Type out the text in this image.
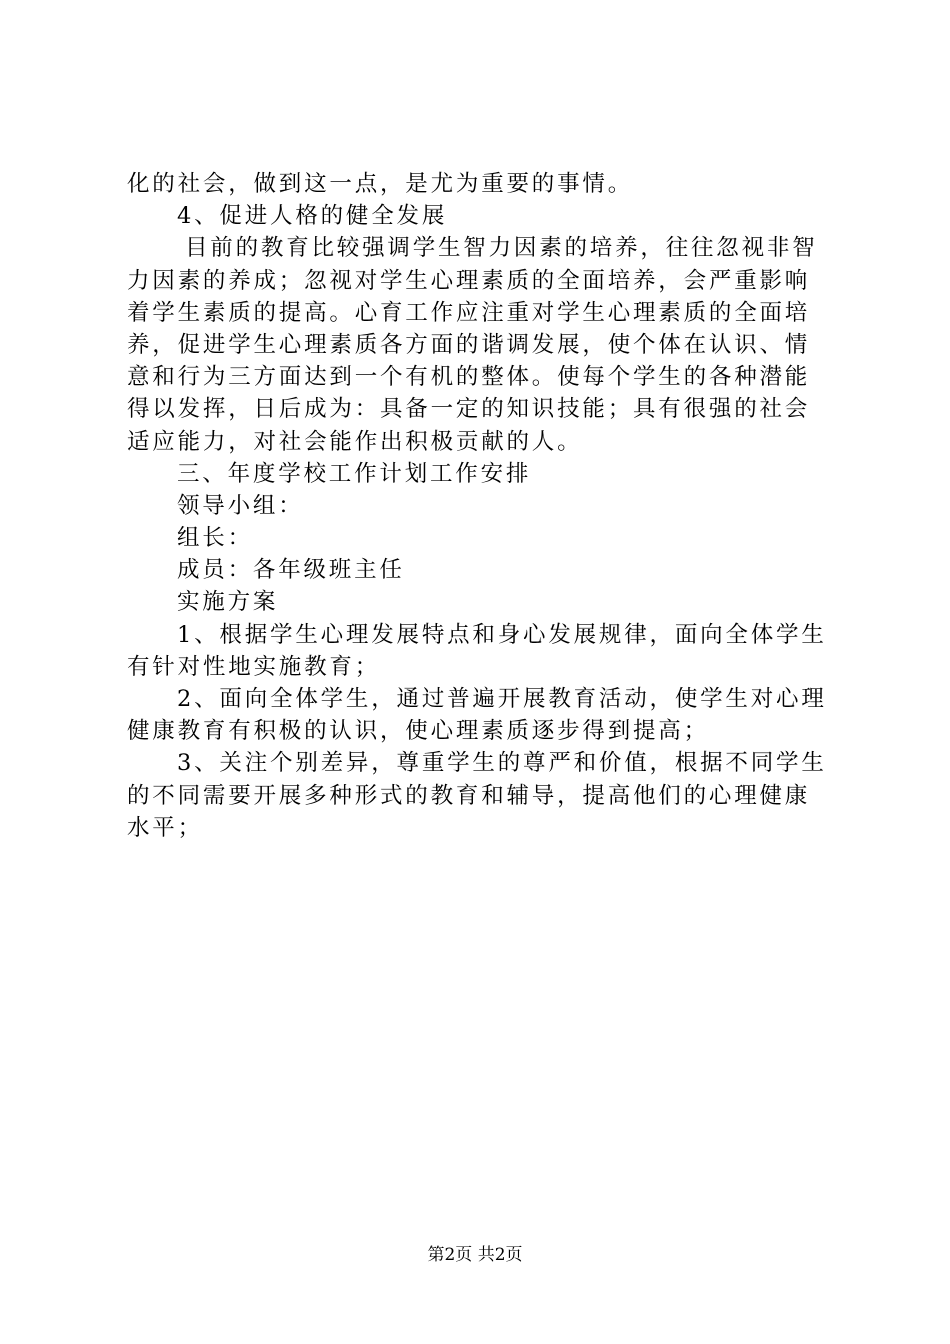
化的社会，做到这一点，是尤为重要的事情。
4、促进人格的健全发展
目前的教育比较强调学生智力因素的培养，往往忽视非智
力因素的养成；忽视对学生心理素质的全面培养，会严重影响
着学生素质的提高。心育工作应注重对学生心理素质的全面培
养，促进学生心理素质各方面的谐调发展，使个体在认识、情
意和行为三方面达到一个有机的整体。使每个学生的各种潜能
得以发挥，日后成为：具备一定的知识技能；具有很强的社会
适应能力，对社会能作出积极贡献的人。
三、年度学校工作计划工作安排
领导小组：
组长：
成员：各年级班主任
实施方案
1、根据学生心理发展特点和身心发展规律，面向全体学生
有针对性地实施教育；
2、面向全体学生，通过普遍开展教育活动，使学生对心理
健康教育有积极的认识，使心理素质逐步得到提高；
3、关注个别差异，尊重学生的尊严和价值，根据不同学生
的不同需要开展多种形式的教育和辅导，提高他们的心理健康
水平；
第2页 共2页
